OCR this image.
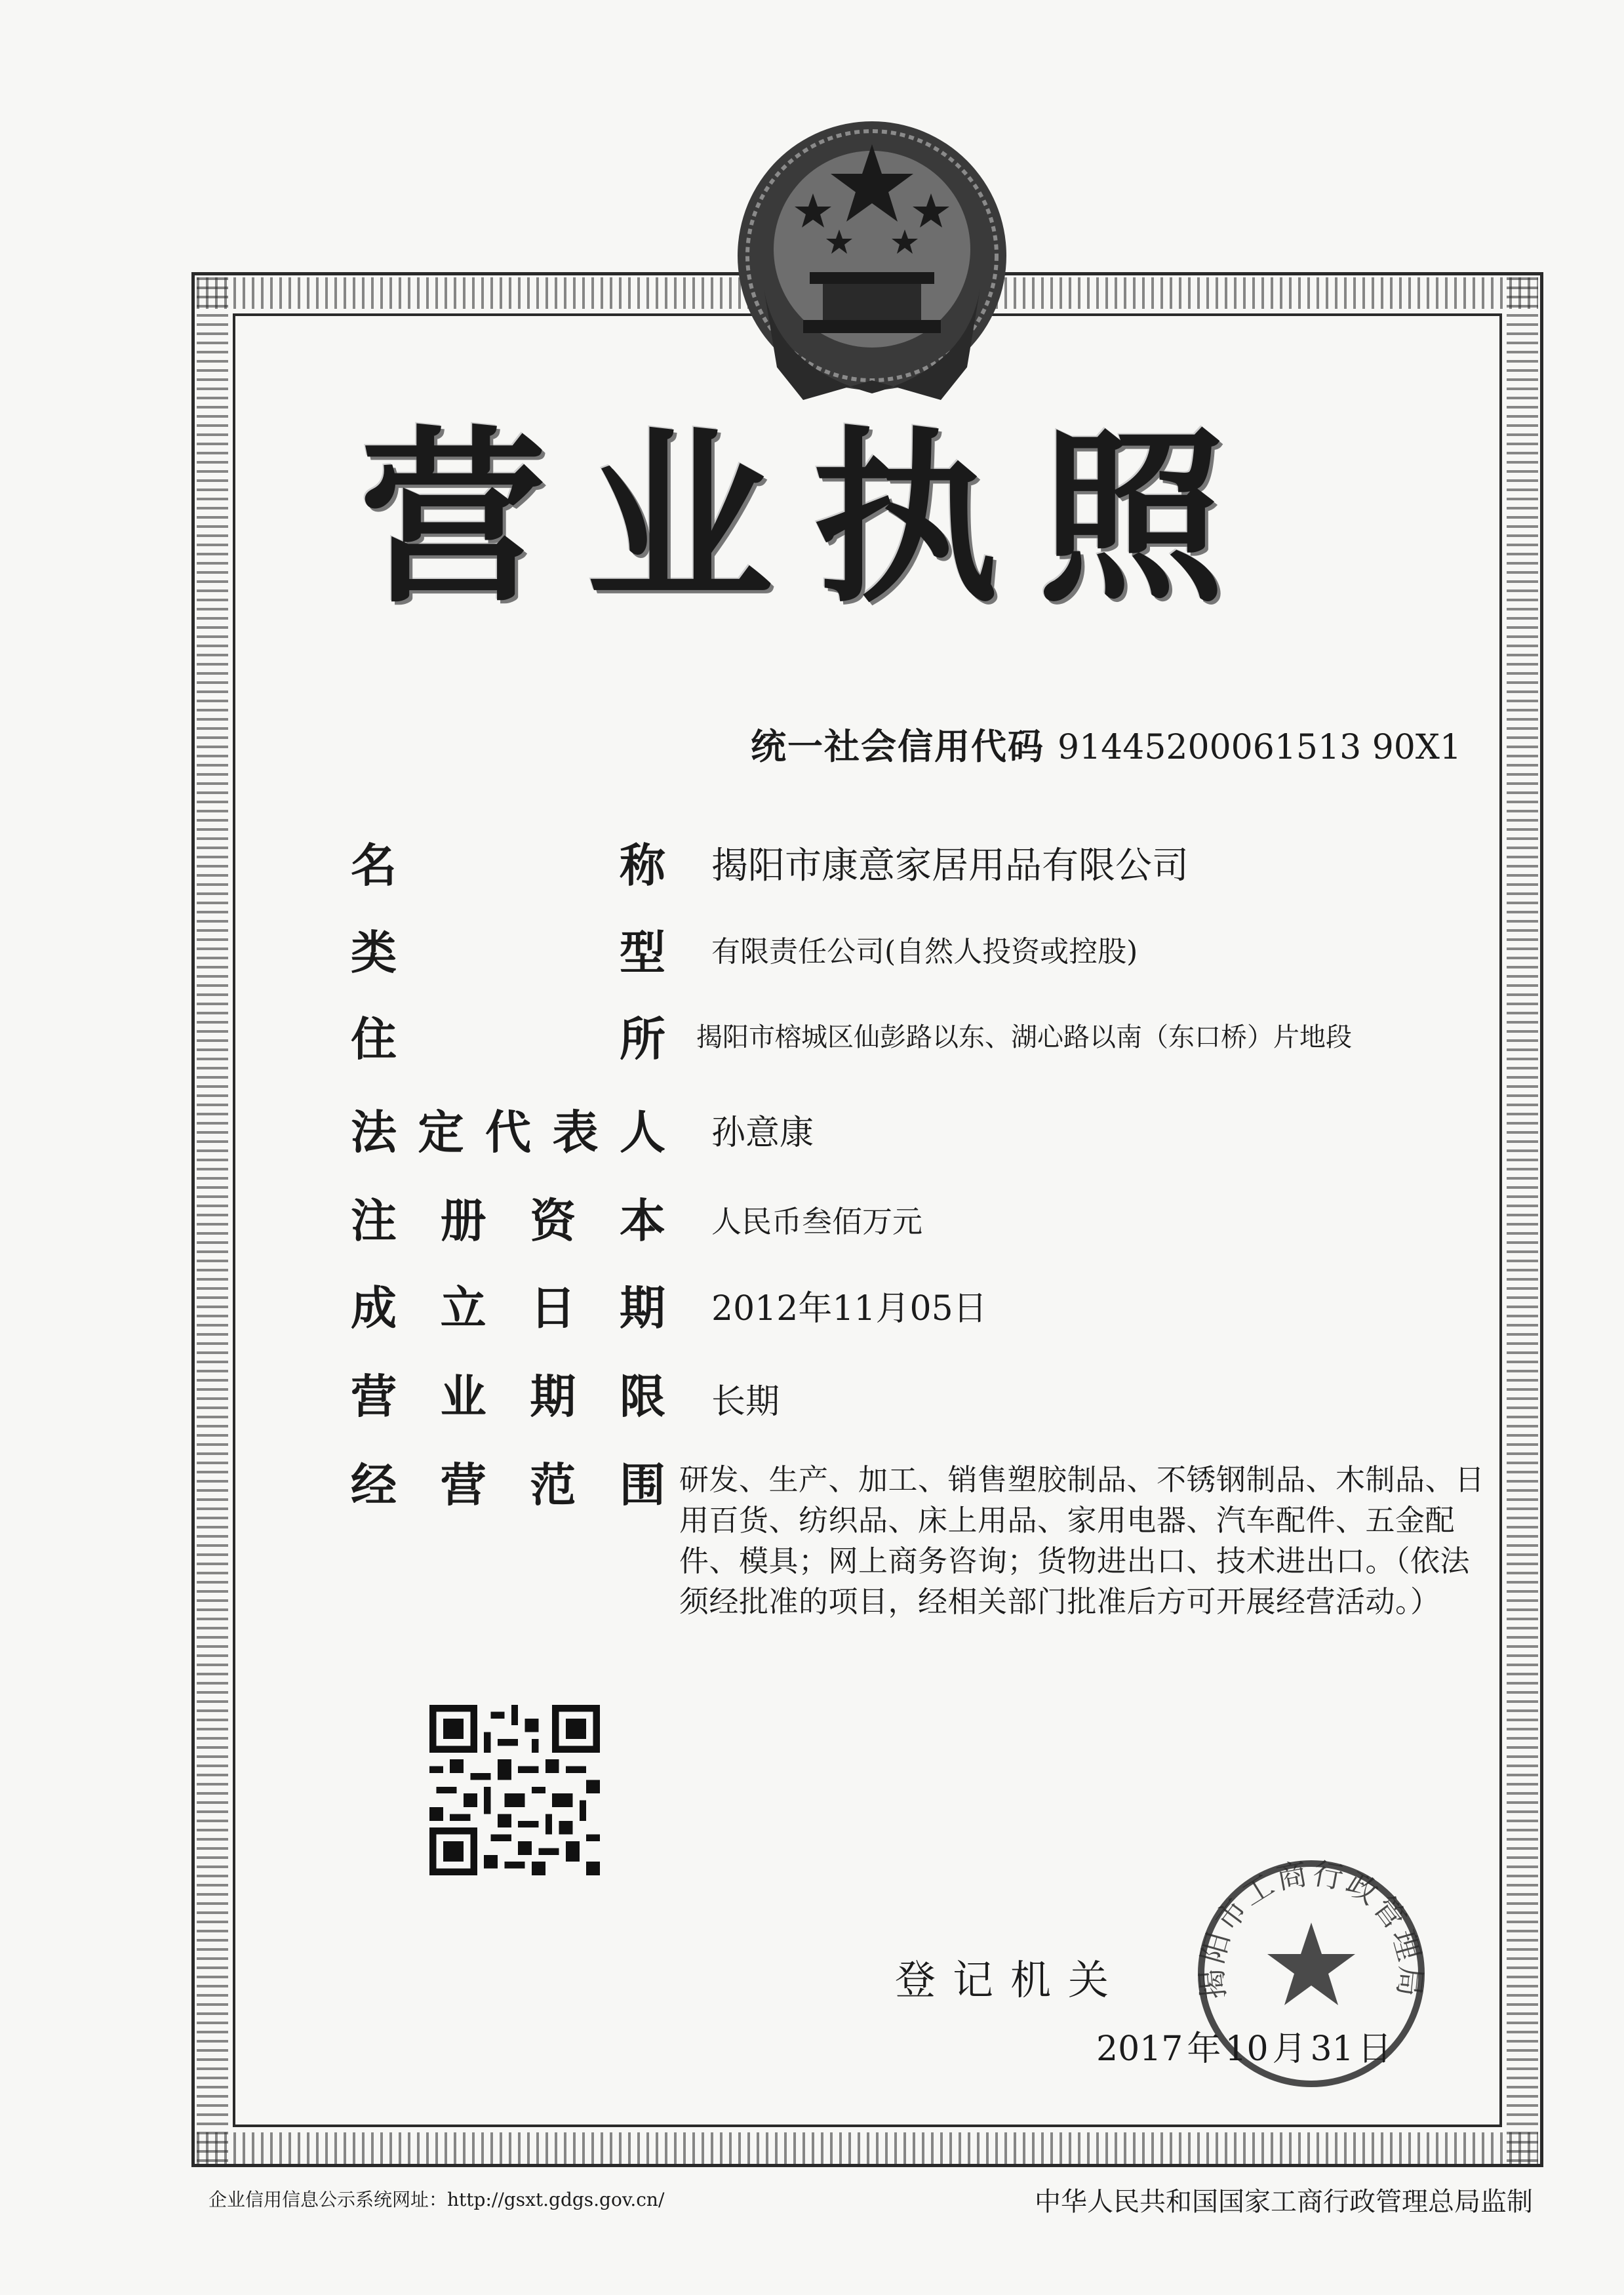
营业执照
统一社会信用代码 91445200061513 90X1
名	称 揭阳市康意家居用品有限公司
类	型 有限责任公司(自然人投资或控股)
住	所 揭阳市榕城区仙彭路以东、湖心路以南（东口桥）片地段
法 定 代 表 人 孙意康
注 册 资 本 人民币叁佰万元
成 立 日 期 2012年11月05日
营 业 期 限 长期
经 营 范 围 研发、生产、加工、销售塑胶制品、不锈钢制品、木制品、日用百货、纺织品、床上用品、家用电器、汽车配件、五金配件、模具；网上商务咨询；货物进出口、技术进出口。（依法须经批准的项目，经相关部门批准后方可开展经营活动。）
登记机关 揭阳市工商行政管理局
2017 年 10 月 31 日
企业信用信息公示系统网址：http://gsxt.gdgs.gov.cn/	中华人民共和国国家工商行政管理总局监制
